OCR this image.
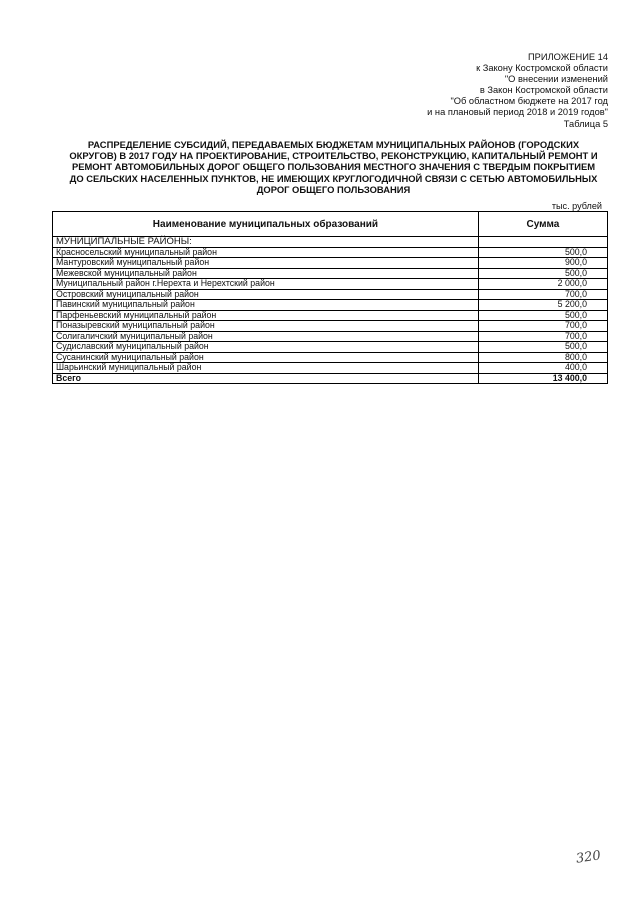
ПРИЛОЖЕНИЕ 14
к Закону Костромской области
"О внесении изменений
в Закон Костромской области
"Об областном бюджете на 2017 год
и на плановый период 2018 и 2019 годов"
Таблица 5
РАСПРЕДЕЛЕНИЕ СУБСИДИЙ, ПЕРЕДАВАЕМЫХ БЮДЖЕТАМ МУНИЦИПАЛЬНЫХ РАЙОНОВ (ГОРОДСКИХ
ОКРУГОВ) В 2017 ГОДУ НА ПРОЕКТИРОВАНИЕ, СТРОИТЕЛЬСТВО, РЕКОНСТРУКЦИЮ, КАПИТАЛЬНЫЙ РЕМОНТ И
РЕМОНТ АВТОМОБИЛЬНЫХ ДОРОГ ОБЩЕГО ПОЛЬЗОВАНИЯ МЕСТНОГО ЗНАЧЕНИЯ С ТВЕРДЫМ ПОКРЫТИЕМ
ДО СЕЛЬСКИХ НАСЕЛЕННЫХ ПУНКТОВ, НЕ ИМЕЮЩИХ КРУГЛОГОДИЧНОЙ СВЯЗИ С СЕТЬЮ АВТОМОБИЛЬНЫХ
ДОРОГ ОБЩЕГО ПОЛЬЗОВАНИЯ
тыс. рублей
Наименование муниципальных образований	Сумма
МУНИЦИПАЛЬНЫЕ РАЙОНЫ:	
Красносельский муниципальный район	500,0
Мантуровский муниципальный район	900,0
Межевской муниципальный район	500,0
Муниципальный район г.Нерехта и Нерехтский район	2 000,0
Островский муниципальный район	700,0
Павинский муниципальный район	5 200,0
Парфеньевский муниципальный район	500,0
Поназыревский муниципальный район	700,0
Солигаличский муниципальный район	700,0
Судиславский муниципальный район	500,0
Сусанинский муниципальный район	800,0
Шарьинский муниципальный район	400,0
Всего	13 400,0
320
